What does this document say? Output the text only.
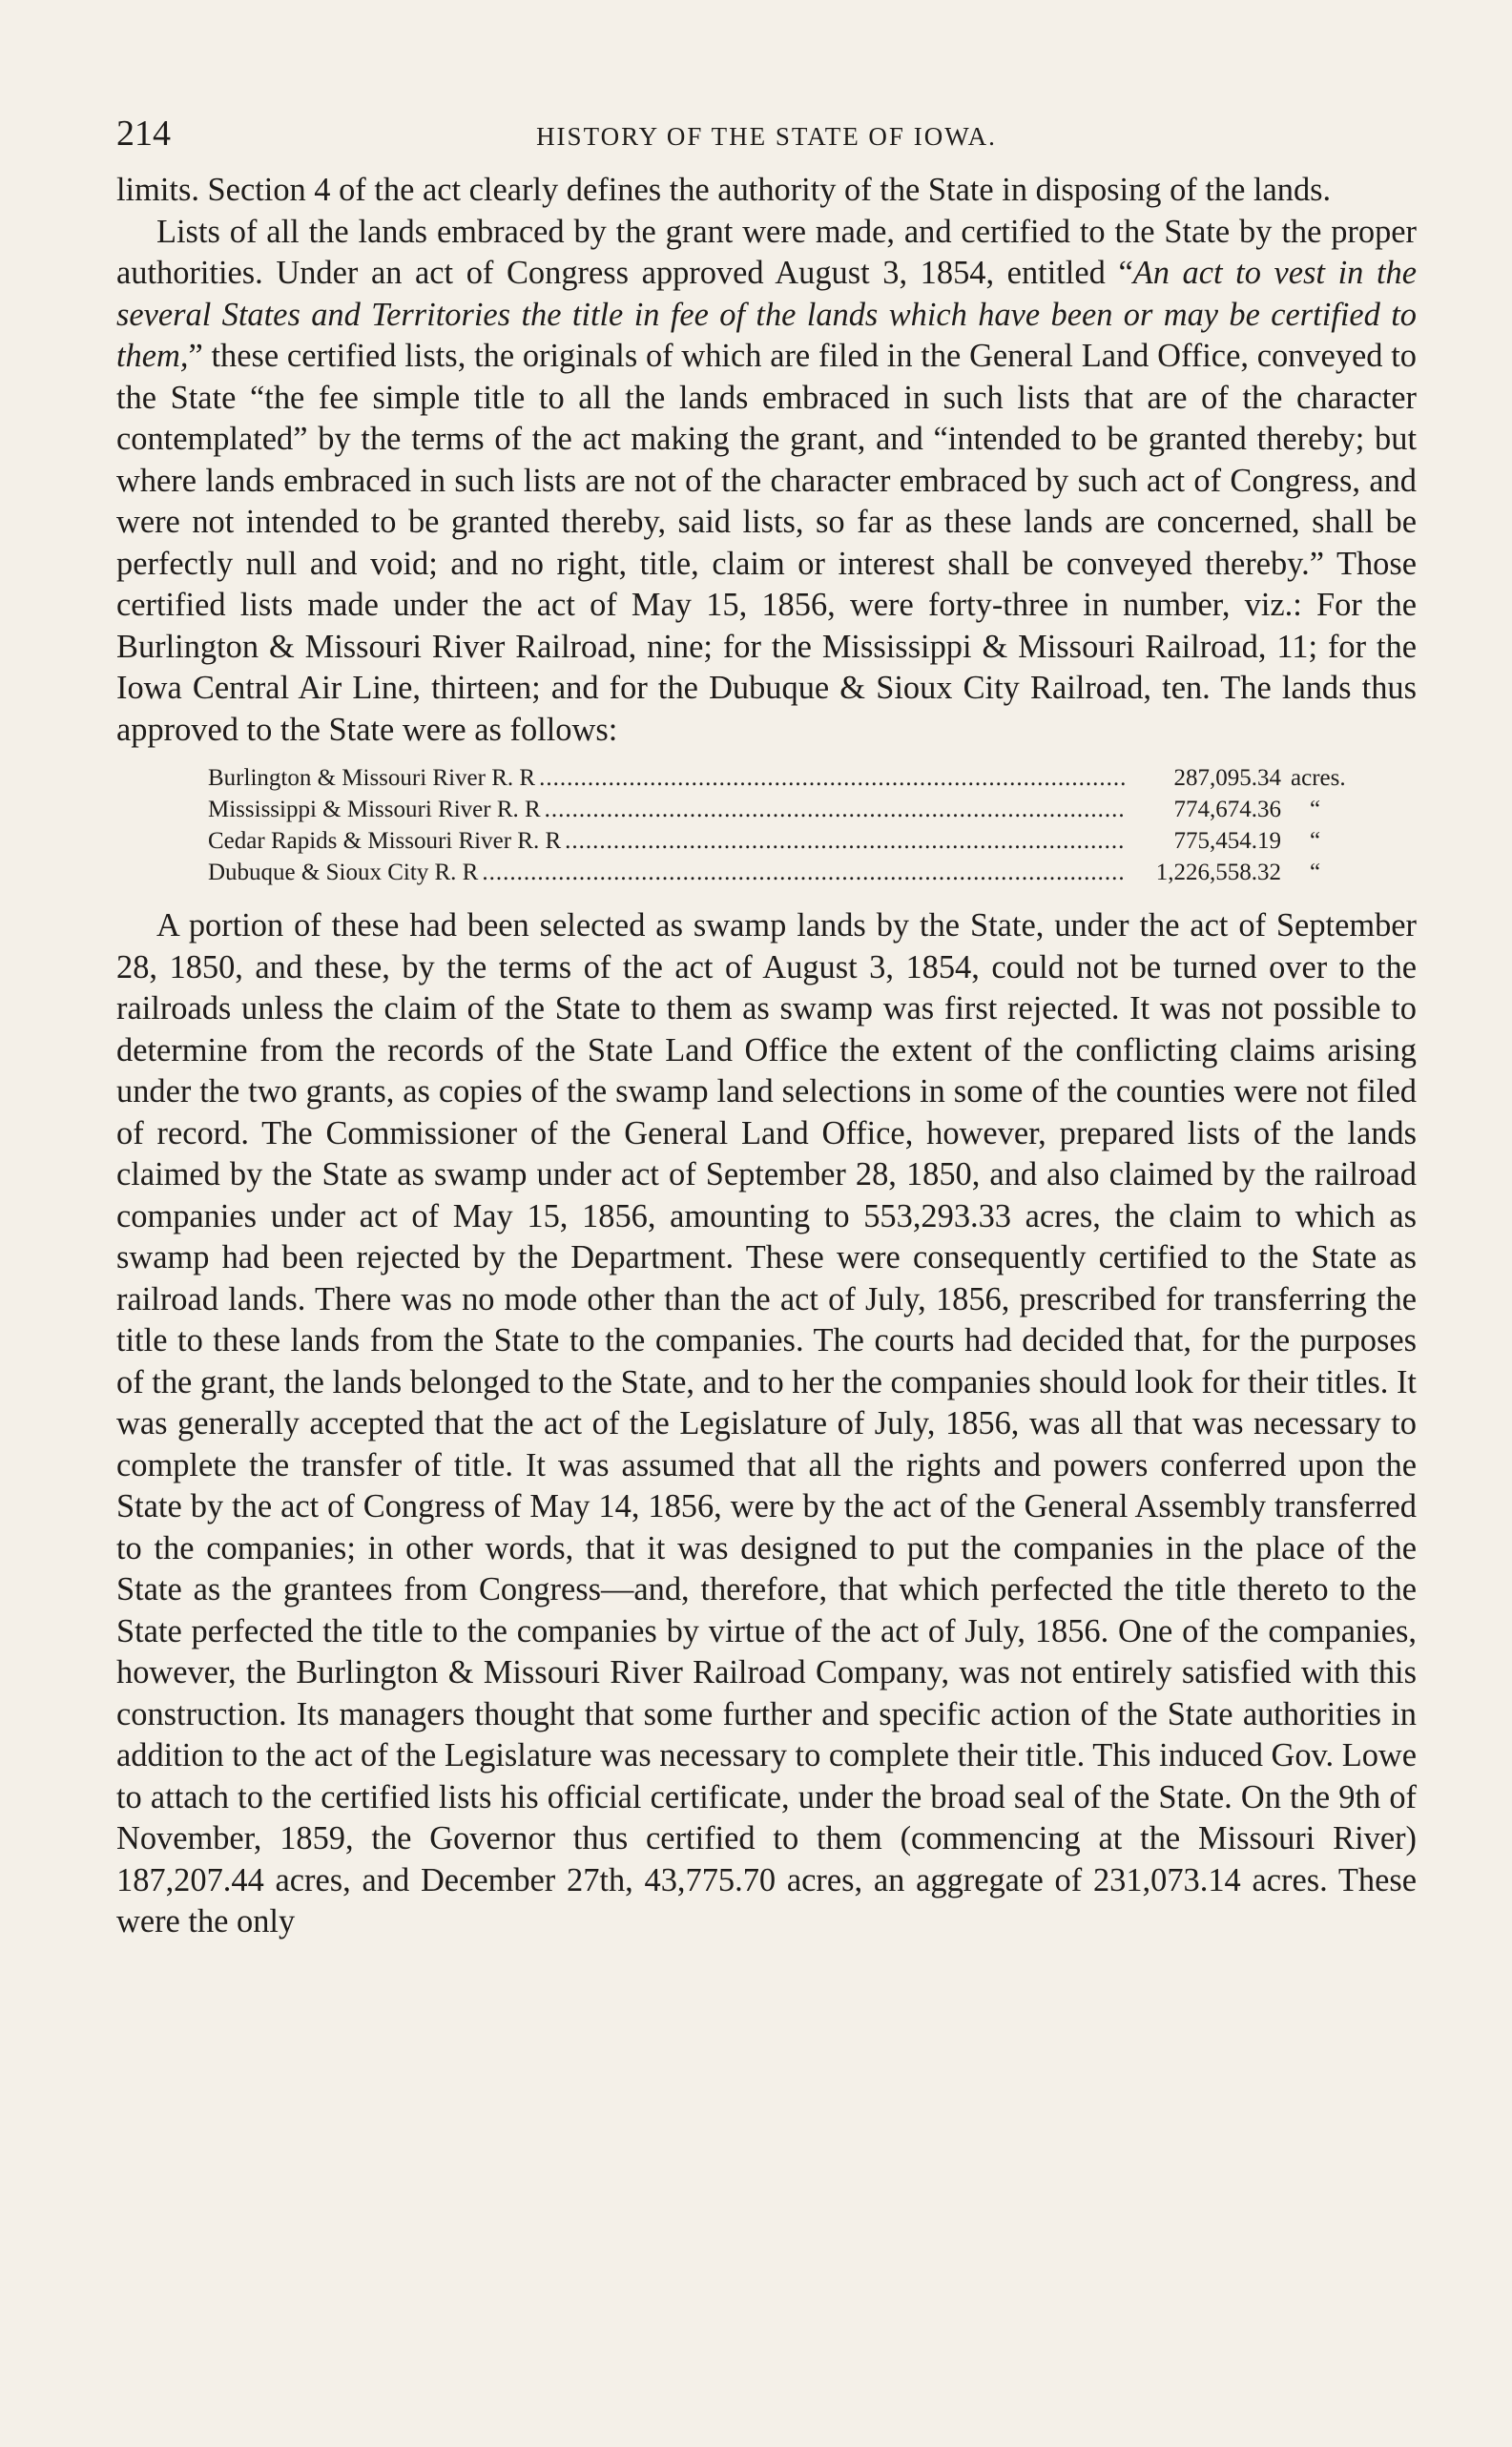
214	HISTORY OF THE STATE OF IOWA.

limits. Section 4 of the act clearly defines the authority of the State in disposing of the lands.

Lists of all the lands embraced by the grant were made, and certified to the State by the proper authorities. Under an act of Congress approved August 3, 1854, entitled “An act to vest in the several States and Territories the title in fee of the lands which have been or may be certified to them,” these certified lists, the originals of which are filed in the General Land Office, conveyed to the State “the fee simple title to all the lands embraced in such lists that are of the character contemplated” by the terms of the act making the grant, and “intended to be granted thereby; but where lands embraced in such lists are not of the character embraced by such act of Congress, and were not intended to be granted thereby, said lists, so far as these lands are concerned, shall be perfectly null and void; and no right, title, claim or interest shall be conveyed thereby.” Those certified lists made under the act of May 15, 1856, were forty-three in number, viz.: For the Burlington & Missouri River Railroad, nine; for the Mississippi & Missouri Railroad, 11; for the Iowa Central Air Line, thirteen; and for the Dubuque & Sioux City Railroad, ten. The lands thus approved to the State were as follows:

Burlington & Missouri River R. R .....	287,095.34 acres.
Mississippi & Missouri River R. R .....	774,674.36	“
Cedar Rapids & Missouri River R. R .....	775,454.19	“
Dubuque & Sioux City R. R .....	1,226,558.32	“

A portion of these had been selected as swamp lands by the State, under the act of September 28, 1850, and these, by the terms of the act of August 3, 1854, could not be turned over to the railroads unless the claim of the State to them as swamp was first rejected. It was not possible to determine from the records of the State Land Office the extent of the conflicting claims arising under the two grants, as copies of the swamp land selections in some of the counties were not filed of record. The Commissioner of the General Land Office, however, prepared lists of the lands claimed by the State as swamp under act of September 28, 1850, and also claimed by the railroad companies under act of May 15, 1856, amounting to 553,293.33 acres, the claim to which as swamp had been rejected by the Department. These were consequently certified to the State as railroad lands. There was no mode other than the act of July, 1856, prescribed for transferring the title to these lands from the State to the companies. The courts had decided that, for the purposes of the grant, the lands belonged to the State, and to her the companies should look for their titles. It was generally accepted that the act of the Legislature of July, 1856, was all that was necessary to complete the transfer of title. It was assumed that all the rights and powers conferred upon the State by the act of Congress of May 14, 1856, were by the act of the General Assembly transferred to the companies; in other words, that it was designed to put the companies in the place of the State as the grantees from Congress—and, therefore, that which perfected the title thereto to the State perfected the title to the companies by virtue of the act of July, 1856. One of the companies, however, the Burlington & Missouri River Railroad Company, was not entirely satisfied with this construction. Its managers thought that some further and specific action of the State authorities in addition to the act of the Legislature was necessary to complete their title. This induced Gov. Lowe to attach to the certified lists his official certificate, under the broad seal of the State. On the 9th of November, 1859, the Governor thus certified to them (commencing at the Missouri River) 187,207.44 acres, and December 27th, 43,775.70 acres, an aggregate of 231,073.14 acres. These were the only
